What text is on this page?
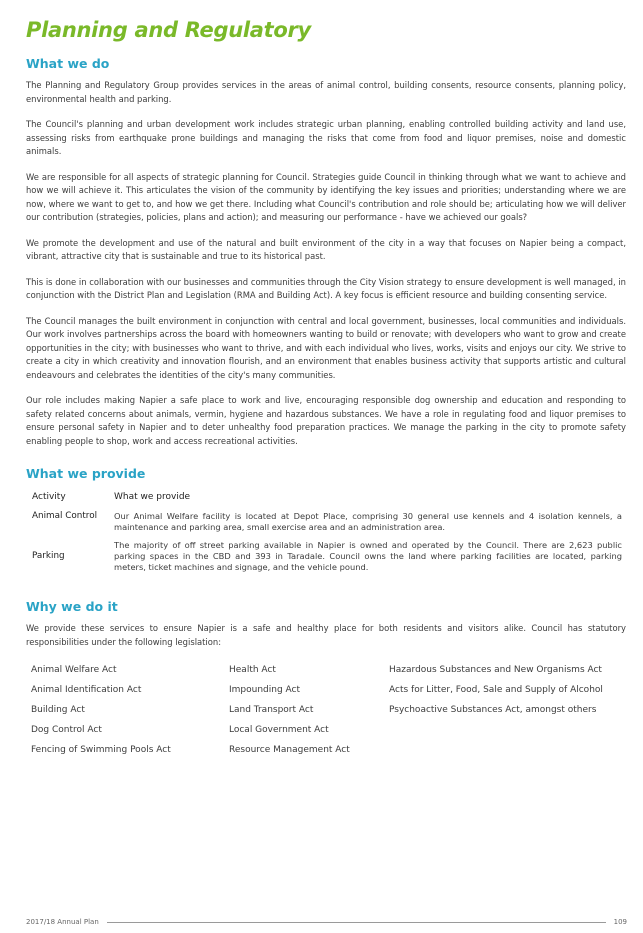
Planning and Regulatory
What we do

The Planning and Regulatory Group provides services in the areas of animal control, building consents, resource consents, planning policy, environmental health and parking.

The Council's planning and urban development work includes strategic urban planning, enabling controlled building activity and land use, assessing risks from earthquake prone buildings and managing the risks that come from food and liquor premises, noise and domestic animals.

We are responsible for all aspects of strategic planning for Council. Strategies guide Council in thinking through what we want to achieve and how we will achieve it. This articulates the vision of the community by identifying the key issues and priorities; understanding where we are now, where we want to get to, and how we get there. Including what Council's contribution and role should be; articulating how we will deliver our contribution (strategies, policies, plans and action); and measuring our performance - have we achieved our goals?

We promote the development and use of the natural and built environment of the city in a way that focuses on Napier being a compact, vibrant, attractive city that is sustainable and true to its historical past.

This is done in collaboration with our businesses and communities through the City Vision strategy to ensure development is well managed, in conjunction with the District Plan and Legislation (RMA and Building Act). A key focus is efficient resource and building consenting service.

The Council manages the built environment in conjunction with central and local government, businesses, local communities and individuals. Our work involves partnerships across the board with homeowners wanting to build or renovate; with developers who want to grow and create opportunities in the city; with businesses who want to thrive, and with each individual who lives, works, visits and enjoys our city. We strive to create a city in which creativity and innovation flourish, and an environment that enables business activity that supports artistic and cultural endeavours and celebrates the identities of the city's many communities.

Our role includes making Napier a safe place to work and live, encouraging responsible dog ownership and education and responding to safety related concerns about animals, vermin, hygiene and hazardous substances. We have a role in regulating food and liquor premises to ensure personal safety in Napier and to deter unhealthy food preparation practices. We manage the parking in the city to promote safety enabling people to shop, work and access recreational activities.

What we provide
Activity	What we provide
Animal Control	Our Animal Welfare facility is located at Depot Place, comprising 30 general use kennels and 4 isolation kennels, a maintenance and parking area, small exercise area and an administration area.
Parking	The majority of off street parking available in Napier is owned and operated by the Council. There are 2,623 public parking spaces in the CBD and 393 in Taradale. Council owns the land where parking facilities are located, parking meters, ticket machines and signage, and the vehicle pound.
Why we do it

We provide these services to ensure Napier is a safe and healthy place for both residents and visitors alike. Council has statutory responsibilities under the following legislation:

Animal Welfare Act	Health Act	Hazardous Substances and New Organisms Act
Animal Identification Act	Impounding Act	Acts for Litter, Food, Sale and Supply of Alcohol
Building Act	Land Transport Act	Psychoactive Substances Act, amongst others
Dog Control Act	Local Government Act
Fencing of Swimming Pools Act	Resource Management Act
2017/18 Annual Plan	109
